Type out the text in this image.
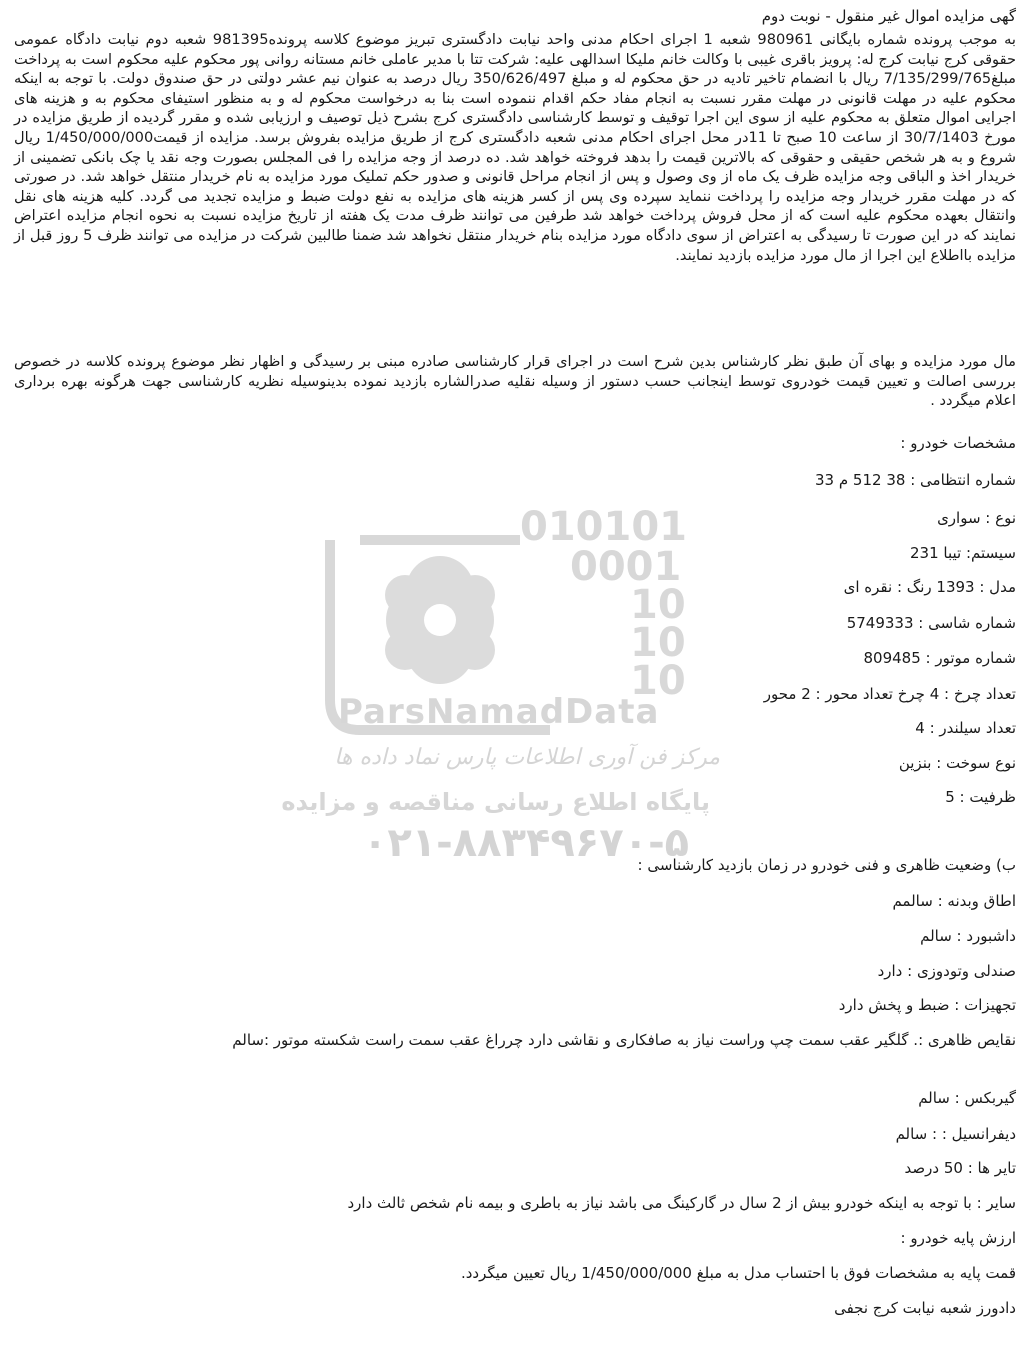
010101
0001
10
10
10
ParsNamadData
مرکز فن آوری اطلاعات پارس نماد داده ها
پایگاه اطلاع رسانی مناقصه و مزایده
۰۲۱-۸۸۳۴۹۶۷۰-۵
گهی مزایده اموال غیر منقول - نوبت دوم
به موجب پرونده شماره بایگانی 980961 شعبه 1 اجرای احکام مدنی واحد نیابت دادگستری تبریز موضوع کلاسه پرونده981395 شعبه دوم نیابت دادگاه عمومی حقوقی کرج نیابت کرج له: پرویز باقری غیبی با وکالت خانم ملیکا اسدالهی علیه: شرکت تتا با مدیر عاملی خانم مستانه روانی پور محکوم علیه محکوم است به پرداخت مبلغ7/135/299/765 ریال با انضمام تاخیر تادیه در حق محکوم له و مبلغ 350/626/497 ریال درصد به عنوان نیم عشر دولتی در حق صندوق دولت. با توجه به اینکه محکوم علیه در مهلت قانونی در مهلت مقرر نسبت به انجام مفاد حکم اقدام ننموده است بنا به درخواست محکوم له و به منظور استیفای محکوم به و هزینه های اجرایی اموال متعلق به محکوم علیه از سوی این اجرا توقیف و توسط کارشناسی دادگستری کرج بشرح ذیل توصیف و ارزیابی شده و مقرر گردیده از طریق مزایده در مورخ 30/7/1403 از ساعت 10 صبح تا 11در محل اجرای احکام مدنی شعبه دادگستری کرج از طریق مزایده بفروش برسد. مزایده از قیمت1/450/000/000 ریال شروع و به هر شخص حقیقی و حقوقی که بالاترین قیمت را بدهد فروخته خواهد شد. ده درصد از وجه مزایده را فی المجلس بصورت وجه نقد یا چک بانکی تضمینی از خریدار اخذ و الباقی وجه مزایده ظرف یک ماه از وی وصول و پس از انجام مراحل قانونی و صدور حکم تملیک مورد مزایده به نام خریدار منتقل خواهد شد. در صورتی که در مهلت مقرر خریدار وجه مزایده را پرداخت ننماید سپرده وی پس از کسر هزینه های مزایده به نفع دولت ضبط و مزایده تجدید می گردد. کلیه هزینه های نقل وانتقال بعهده محکوم علیه است که از محل فروش پرداخت خواهد شد طرفین می توانند ظرف مدت یک هفته از تاریخ مزایده نسبت به نحوه انجام مزایده اعتراض نمایند که در این صورت تا رسیدگی به اعتراض از سوی دادگاه مورد مزایده بنام خریدار منتقل نخواهد شد ضمنا طالبین شرکت در مزایده می توانند ظرف 5 روز قبل از مزایده بااطلاع این اجرا از مال مورد مزایده بازدید نمایند.
مال مورد مزایده و بهای آن طبق نظر کارشناس بدین شرح است در اجرای قرار کارشناسی صادره مبنی بر رسیدگی و اظهار نظر موضوع پرونده کلاسه در خصوص بررسی اصالت و تعیین قیمت خودروی توسط اینجانب حسب دستور از وسیله نقلیه صدرالشاره بازدید نموده بدینوسیله نظریه کارشناسی جهت هرگونه بهره برداری اعلام میگردد .
مشخصات خودرو :
شماره انتظامی : 38 512 م 33
نوع : سواری
سیستم: تیبا 231
مدل : 1393 رنگ : نقره ای
شماره شاسی : 5749333
شماره موتور : 809485
تعداد چرخ : 4 چرخ تعداد محور : 2 محور
تعداد سیلندر : 4
نوع سوخت : بنزین
ظرفیت : 5
ب) وضعیت ظاهری و فنی خودرو در زمان بازدید کارشناسی :
اطاق وبدنه : سالمم
داشبورد : سالم
صندلی وتودوزی : دارد
تجهیزات : ضبط و پخش دارد
نقایص ظاهری :. گلگیر عقب سمت چپ وراست نیاز به صافکاری و نقاشی دارد چرراغ عقب سمت راست شکسته موتور :سالم
گیربکس : سالم
دیفرانسیل : : سالم
تایر ها : 50 درصد
سایر : با توجه به اینکه خودرو بیش از 2 سال در گارکینگ می باشد نیاز به باطری و بیمه نام شخص ثالث دارد
ارزش پایه خودرو :
قمت پایه به مشخصات فوق با احتساب مدل به مبلغ 1/450/000/000 ریال تعیین میگردد.
دادورز شعبه نیابت کرج نجفی
